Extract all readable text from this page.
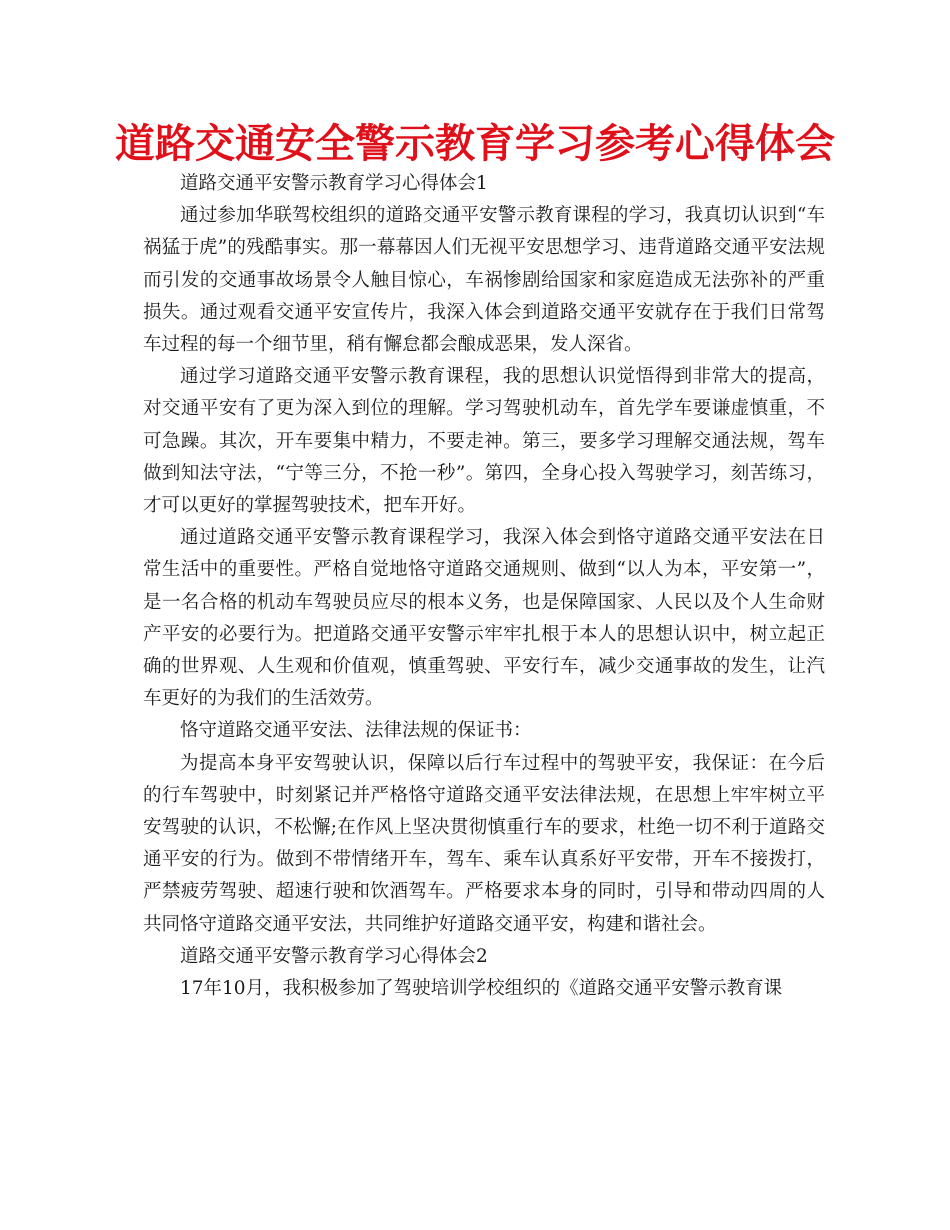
道路交通安全警示教育学习参考心得体会

道路交通平安警示教育学习心得体会1

通过参加华联驾校组织的道路交通平安警示教育课程的学习，我真切认识到“车祸猛于虎”的残酷事实。那一幕幕因人们无视平安思想学习、违背道路交通平安法规而引发的交通事故场景令人触目惊心，车祸惨剧给国家和家庭造成无法弥补的严重损失。通过观看交通平安宣传片，我深入体会到道路交通平安就存在于我们日常驾车过程的每一个细节里，稍有懈怠都会酿成恶果，发人深省。

通过学习道路交通平安警示教育课程，我的思想认识觉悟得到非常大的提高，对交通平安有了更为深入到位的理解。学习驾驶机动车，首先学车要谦虚慎重，不可急躁。其次，开车要集中精力，不要走神。第三，要多学习理解交通法规，驾车做到知法守法，“宁等三分，不抢一秒”。第四，全身心投入驾驶学习，刻苦练习，才可以更好的掌握驾驶技术，把车开好。

通过道路交通平安警示教育课程学习，我深入体会到恪守道路交通平安法在日常生活中的重要性。严格自觉地恪守道路交通规则、做到“以人为本，平安第一”，是一名合格的机动车驾驶员应尽的根本义务，也是保障国家、人民以及个人生命财产平安的必要行为。把道路交通平安警示牢牢扎根于本人的思想认识中，树立起正确的世界观、人生观和价值观，慎重驾驶、平安行车，减少交通事故的发生，让汽车更好的为我们的生活效劳。

恪守道路交通平安法、法律法规的保证书：

为提高本身平安驾驶认识，保障以后行车过程中的驾驶平安，我保证：在今后的行车驾驶中，时刻紧记并严格恪守道路交通平安法律法规，在思想上牢牢树立平安驾驶的认识，不松懈;在作风上坚决贯彻慎重行车的要求，杜绝一切不利于道路交通平安的行为。做到不带情绪开车，驾车、乘车认真系好平安带，开车不接拨打，严禁疲劳驾驶、超速行驶和饮酒驾车。严格要求本身的同时，引导和带动四周的人共同恪守道路交通平安法，共同维护好道路交通平安，构建和谐社会。

道路交通平安警示教育学习心得体会2

17年10月，我积极参加了驾驶培训学校组织的《道路交通平安警示教育课
